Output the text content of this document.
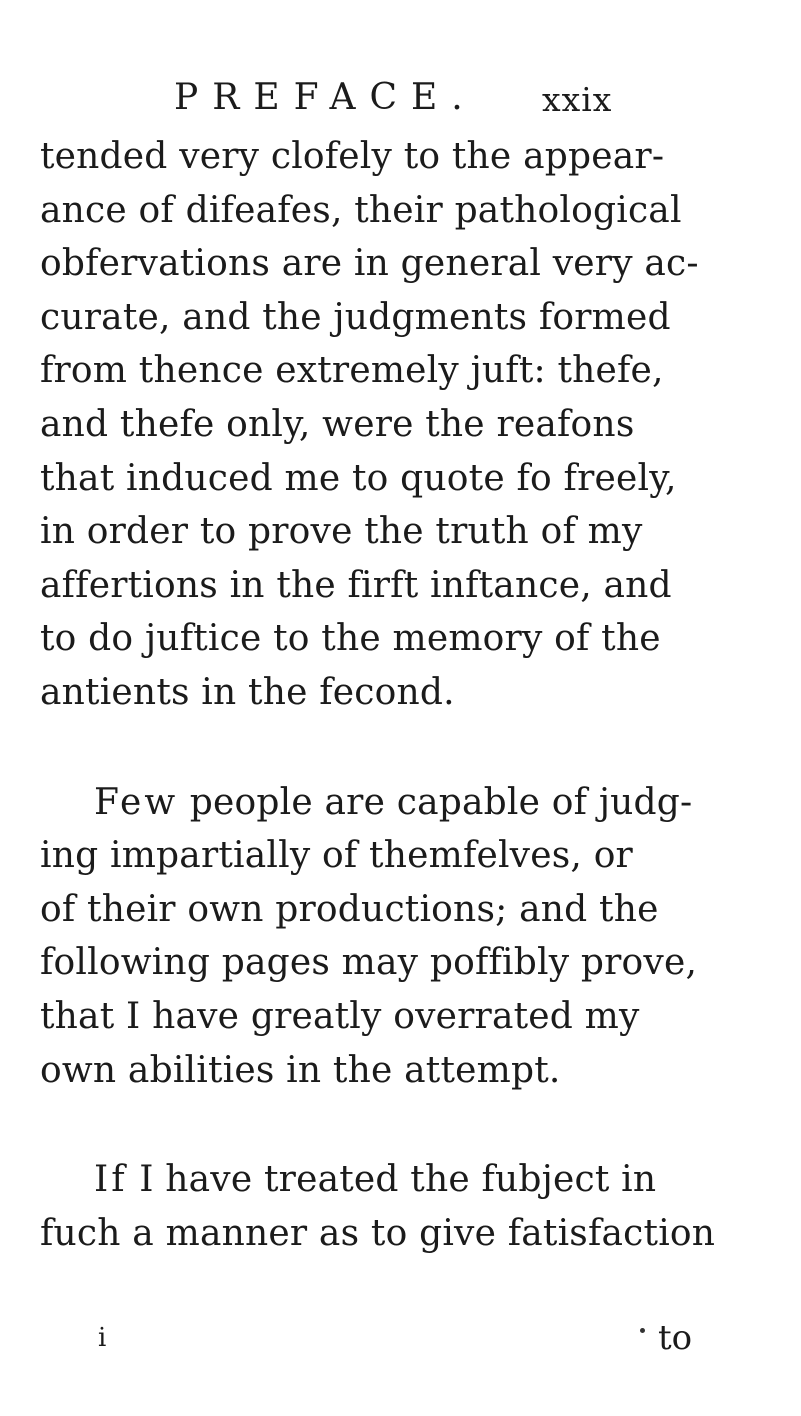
PREFACE. xxix
tended very clofely to the appear-
ance of difeafes, their pathological
obfervations are in general very ac-
curate, and the judgments formed
from thence extremely juft: thefe,
and thefe only, were the reafons
that induced me to quote fo freely,
in order to prove the truth of my
affertions in the firft inftance, and
to do juftice to the memory of the
antients in the fecond.
Few people are capable of judg-
ing impartially of themfelves, or
of their own productions; and the
following pages may poffibly prove,
that I have greatly overrated my
own abilities in the attempt.
If I have treated the fubject in
fuch a manner as to give fatisfaction
i	to
